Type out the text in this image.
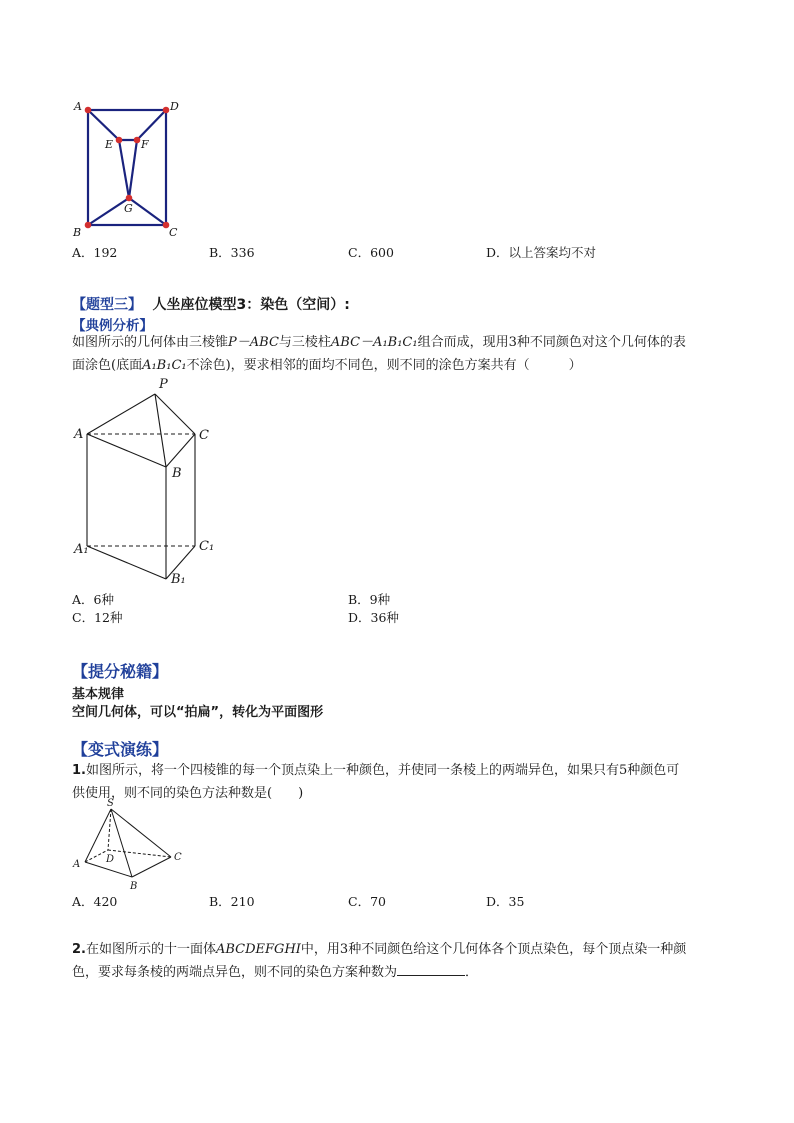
A	D
E	F
G
B	C
A．192	B．336	C．600	D．以上答案均不对
【题型三】 人坐座位模型3：染色（空间）:
【典例分析】
如图所示的几何体由三棱锥P－ABC与三棱柱ABC－A₁B₁C₁组合而成，现用3种不同颜色对这个几何体的表
面涂色(底面A₁B₁C₁不涂色)，要求相邻的面均不同色，则不同的涂色方案共有（　　　）
P
A	C
B
A₁	C₁
B₁
A．6种	B．9种
C．12种	D．36种
【提分秘籍】
基本规律
空间几何体，可以“拍扁”，转化为平面图形
【变式演练】
1.如图所示，将一个四棱锥的每一个顶点染上一种颜色，并使同一条棱上的两端异色，如果只有5种颜色可
供使用，则不同的染色方法种数是(　　)
S
A
B
C
D
A．420	B．210	C．70	D．35
2.在如图所示的十一面体ABCDEFGHI中，用3种不同颜色给这个几何体各个顶点染色，每个顶点染一种颜
色，要求每条棱的两端点异色，则不同的染色方案种数为	．
